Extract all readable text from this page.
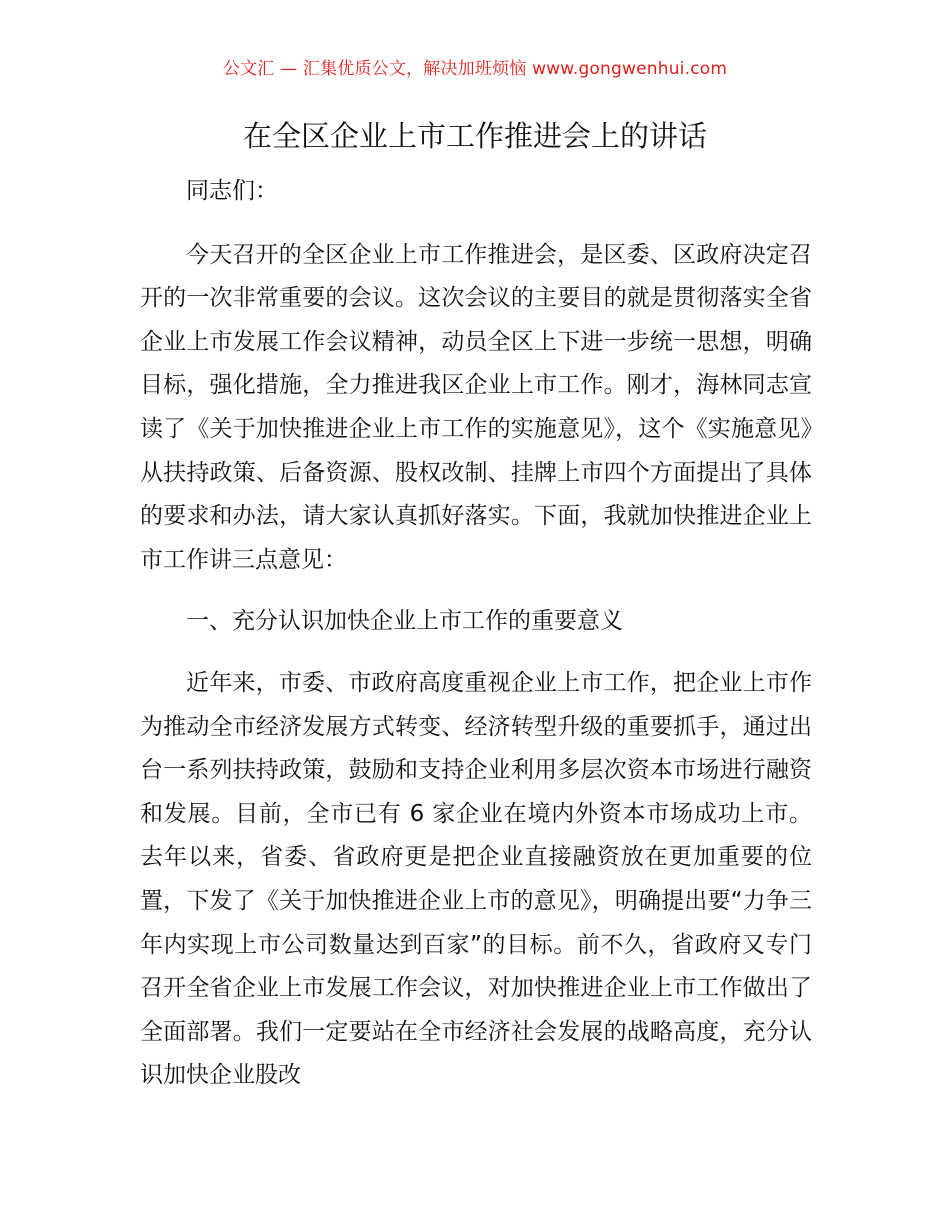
公文汇 — 汇集优质公文，解决加班烦恼 www.gongwenhui.com
在全区企业上市工作推进会上的讲话

同志们：

今天召开的全区企业上市工作推进会，是区委、区政府决定召开的一次非常重要的会议。这次会议的主要目的就是贯彻落实全省企业上市发展工作会议精神，动员全区上下进一步统一思想，明确目标，强化措施，全力推进我区企业上市工作。刚才，海林同志宣读了《关于加快推进企业上市工作的实施意见》，这个《实施意见》从扶持政策、后备资源、股权改制、挂牌上市四个方面提出了具体的要求和办法，请大家认真抓好落实。下面，我就加快推进企业上市工作讲三点意见：

一、充分认识加快企业上市工作的重要意义

近年来，市委、市政府高度重视企业上市工作，把企业上市作为推动全市经济发展方式转变、经济转型升级的重要抓手，通过出台一系列扶持政策，鼓励和支持企业利用多层次资本市场进行融资和发展。目前，全市已有 6 家企业在境内外资本市场成功上市。去年以来，省委、省政府更是把企业直接融资放在更加重要的位置，下发了《关于加快推进企业上市的意见》，明确提出要“力争三年内实现上市公司数量达到百家”的目标。前不久，省政府又专门召开全省企业上市发展工作会议，对加快推进企业上市工作做出了全面部署。我们一定要站在全市经济社会发展的战略高度，充分认识加快企业股改
